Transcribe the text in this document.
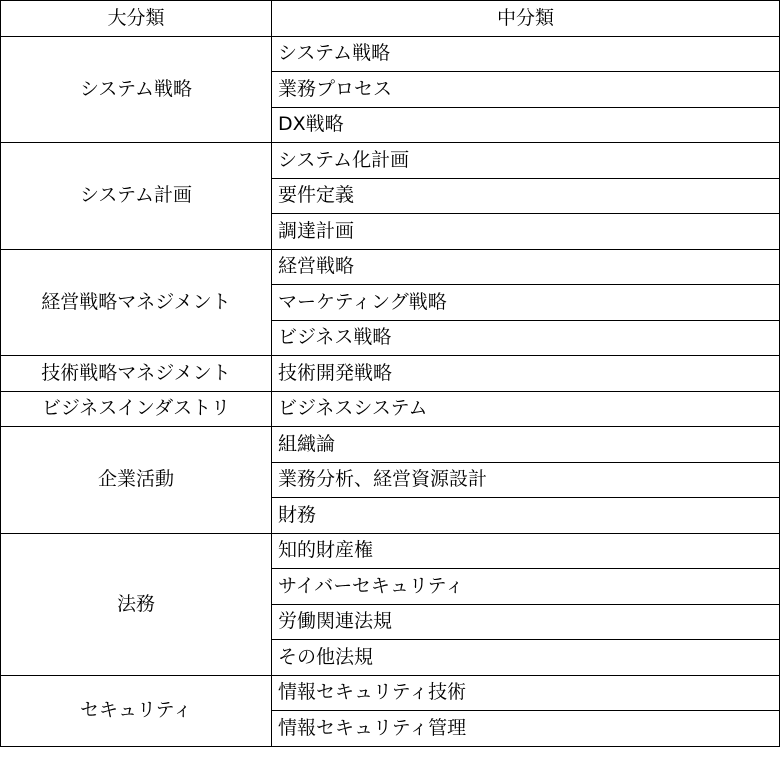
大分類	中分類
システム戦略	システム戦略
	業務プロセス
	DX戦略
システム計画	システム化計画
	要件定義
	調達計画
経営戦略マネジメント	経営戦略
	マーケティング戦略
	ビジネス戦略
技術戦略マネジメント	技術開発戦略
ビジネスインダストリ	ビジネスシステム
企業活動	組織論
	業務分析、経営資源設計
	財務
法務	知的財産権
	サイバーセキュリティ
	労働関連法規
	その他法規
セキュリティ	情報セキュリティ技術
	情報セキュリティ管理
